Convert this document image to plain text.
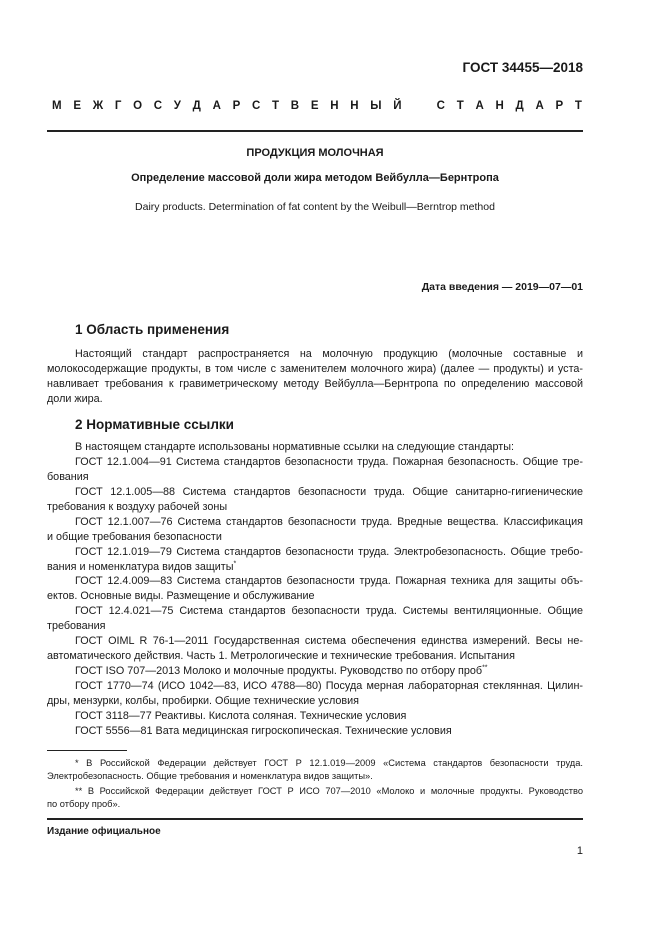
ГОСТ 34455—2018
М Е Ж Г О С У Д А Р С Т В Е Н Н Ы Й	С Т А Н Д А Р Т
ПРОДУКЦИЯ МОЛОЧНАЯ
Определение массовой доли жира методом Вейбулла—Бернтропа
Dairy products. Determination of fat content by the Weibull—Berntrop method
Дата введения — 2019—07—01
1 Область применения
Настоящий стандарт распространяется на молочную продукцию (молочные составные и
молокосодержащие продукты, в том числе с заменителем молочного жира) (далее — продукты) и уста-
навливает требования к гравиметрическому методу Вейбулла—Бернтропа по определению массовой
доли жира.
2 Нормативные ссылки
В настоящем стандарте использованы нормативные ссылки на следующие стандарты:
ГОСТ 12.1.004—91 Система стандартов безопасности труда. Пожарная безопасность. Общие тре-
бования
ГОСТ 12.1.005—88 Система стандартов безопасности труда. Общие санитарно-гигиенические
требования к воздуху рабочей зоны
ГОСТ 12.1.007—76 Система стандартов безопасности труда. Вредные вещества. Классификация
и общие требования безопасности
ГОСТ 12.1.019—79 Система стандартов безопасности труда. Электробезопасность. Общие требо-
вания и номенклатура видов защиты*
ГОСТ 12.4.009—83 Система стандартов безопасности труда. Пожарная техника для защиты объ-
ектов. Основные виды. Размещение и обслуживание
ГОСТ 12.4.021—75 Система стандартов безопасности труда. Системы вентиляционные. Общие
требования
ГОСТ OIML R 76-1—2011 Государственная система обеспечения единства измерений. Весы не-
автоматического действия. Часть 1. Метрологические и технические требования. Испытания
ГОСТ ISO 707—2013 Молоко и молочные продукты. Руководство по отбору проб**
ГОСТ 1770—74 (ИСО 1042—83, ИСО 4788—80) Посуда мерная лабораторная стеклянная. Цилин-
дры, мензурки, колбы, пробирки. Общие технические условия
ГОСТ 3118—77 Реактивы. Кислота соляная. Технические условия
ГОСТ 5556—81 Вата медицинская гигроскопическая. Технические условия
* В Российской Федерации действует ГОСТ Р 12.1.019—2009 «Система стандартов безопасности труда.
Электробезопасность. Общие требования и номенклатура видов защиты».
** В Российской Федерации действует ГОСТ Р ИСО 707—2010 «Молоко и молочные продукты. Руководство
по отбору проб».
Издание официальное
1
